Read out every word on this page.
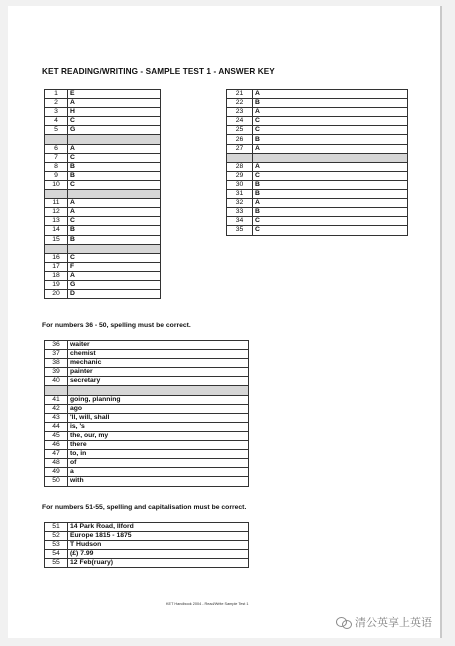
KET READING/WRITING - SAMPLE TEST 1 - ANSWER KEY
1	E
2	A
3	H
4	C
5	G

6	A
7	C
8	B
9	B
10	C

11	A
12	A
13	C
14	B
15	B

16	C
17	F
18	A
19	G
20	D
21	A
22	B
23	A
24	C
25	C
26	B
27	A

28	A
29	C
30	B
31	B
32	A
33	B
34	C
35	C
For numbers 36 - 50, spelling must be correct.
36	waiter
37	chemist
38	mechanic
39	painter
40	secretary

41	going, planning
42	ago
43	'll, will, shall
44	is, 's
45	the, our, my
46	there
47	to, in
48	of
49	a
50	with
For numbers 51-55, spelling and capitalisation must be correct.
51	14 Park Road, Ilford
52	Europe 1815 - 1875
53	T Hudson
54	(£) 7.99
55	12 Feb(ruary)
KET Handbook 2004 - Read/Write Sample Test 1
清公英享上英语
